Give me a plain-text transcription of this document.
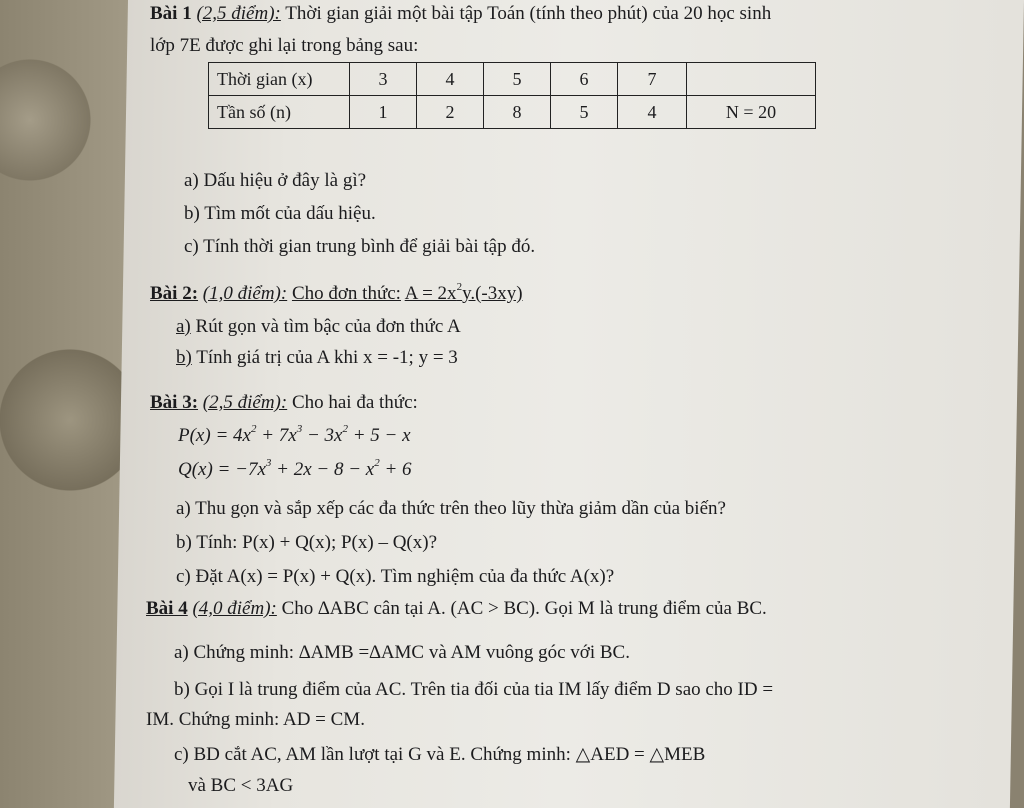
Bài 1 (2,5 điểm): Thời gian giải một bài tập Toán (tính theo phút) của 20 học sinh
lớp 7E được ghi lại trong bảng sau:
Thời gian (x)	3	4	5	6	7	
Tần số (n)	1	2	8	5	4	N = 20
a) Dấu hiệu ở đây là gì?
b) Tìm mốt của dấu hiệu.
c) Tính thời gian trung bình để giải bài tập đó.
Bài 2: (1,0 điểm): Cho đơn thức: $A = 2x^2y.(-3xy)$
a) Rút gọn và tìm bậc của đơn thức A
b) Tính giá trị của A khi x = -1; y = 3
Bài 3: (2,5 điểm): Cho hai đa thức:
$P(x) = 4x^2 + 7x^3 - 3x^2 + 5 - x$
$Q(x) = -7x^3 + 2x - 8 - x^2 + 6$
a) Thu gọn và sắp xếp các đa thức trên theo lũy thừa giảm dần của biến?
b) Tính: P(x) + Q(x); P(x) – Q(x)?
c) Đặt A(x) = P(x) + Q(x). Tìm nghiệm của đa thức A(x)?
Bài 4 (4,0 điểm): Cho ∆ABC cân tại A. (AC > BC). Gọi M là trung điểm của BC.
a) Chứng minh: ∆AMB =∆AMC và AM vuông góc với BC.
b) Gọi I là trung điểm của AC. Trên tia đối của tia IM lấy điểm D sao cho ID =
IM. Chứng minh: AD = CM.
c) BD cắt AC, AM lần lượt tại G và E. Chứng minh: △AED = △MEB
và BC < 3AG
